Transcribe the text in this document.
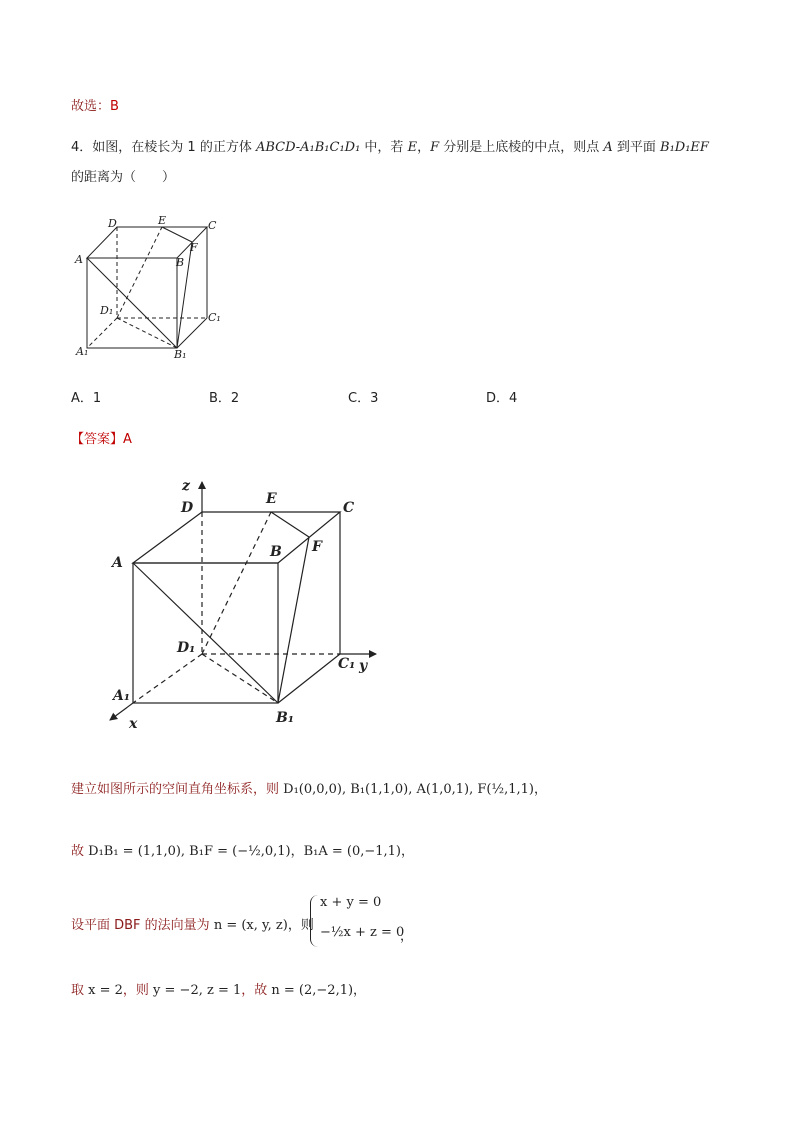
故选：B
4．如图，在棱长为 1 的正方体 ABCD-A₁B₁C₁D₁ 中，若 E，F 分别是上底棱的中点，则点 A 到平面 B₁D₁EF
的距离为（　　）
D	E	C
F
A	B
D₁
C₁
A₁	B₁
A．1	B．2	C．3	D．4
【答案】A
z
D
E
C
B F
A
D₁
C₁ y
A₁
B₁
x
建立如图所示的空间直角坐标系，则 D₁(0,0,0), B₁(1,1,0), A(1,0,1), F(½,1,1)，
故 D₁B₁ = (1,1,0), B₁F = (−½,0,1)，B₁A = (0,−1,1)，
设平面 DBF 的法向量为 n = (x, y, z)，则
x + y = 0
−½x + z = 0
，
取 x = 2，则 y = −2, z = 1，故 n = (2,−2,1)，
